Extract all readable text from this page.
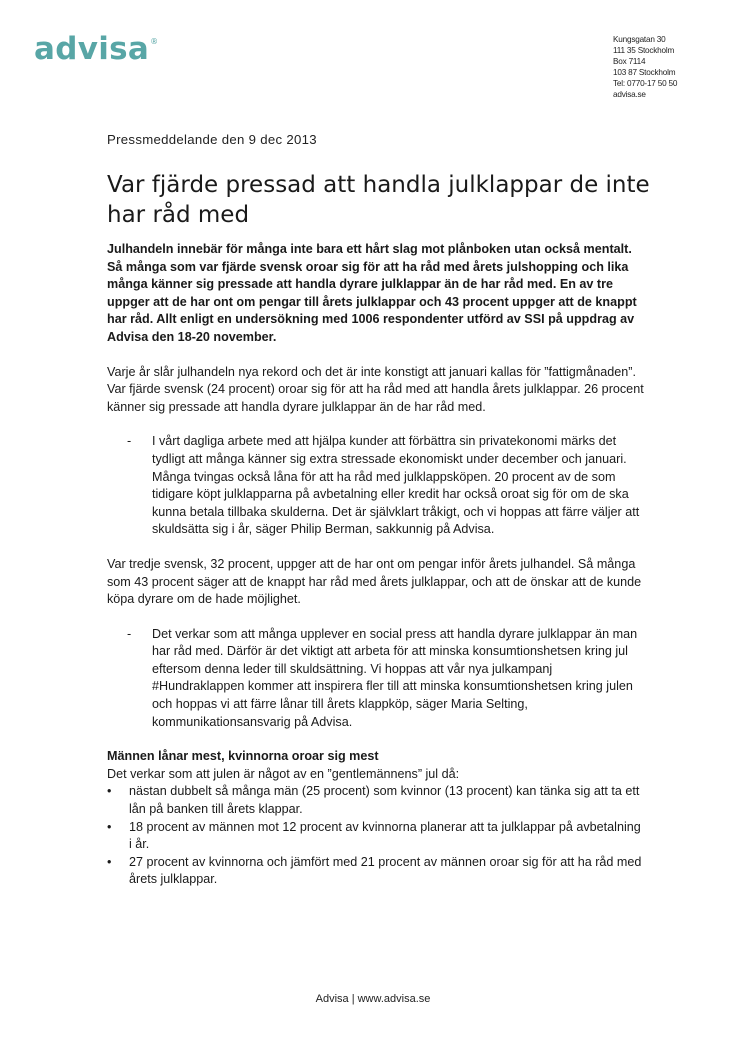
advisa®	Kungsgatan 30
111 35 Stockholm
Box 7114
103 87 Stockholm
Tel: 0770-17 50 50
advisa.se
Pressmeddelande den 9 dec 2013
Var fjärde pressad att handla julklappar de inte har råd med

Julhandeln innebär för många inte bara ett hårt slag mot plånboken utan också mentalt. Så många som var fjärde svensk oroar sig för att ha råd med årets julshopping och lika många känner sig pressade att handla dyrare julklappar än de har råd med. En av tre uppger att de har ont om pengar till årets julklappar och 43 procent uppger att de knappt har råd. Allt enligt en undersökning med 1006 respondenter utförd av SSI på uppdrag av Advisa den 18-20 november.

Varje år slår julhandeln nya rekord och det är inte konstigt att januari kallas för ”fattigmånaden”. Var fjärde svensk (24 procent) oroar sig för att ha råd med att handla årets julklappar. 26 procent känner sig pressade att handla dyrare julklappar än de har råd med.

- I vårt dagliga arbete med att hjälpa kunder att förbättra sin privatekonomi märks det tydligt att många känner sig extra stressade ekonomiskt under december och januari. Många tvingas också låna för att ha råd med julklappsköpen. 20 procent av de som tidigare köpt julklapparna på avbetalning eller kredit har också oroat sig för om de ska kunna betala tillbaka skulderna. Det är självklart tråkigt, och vi hoppas att färre väljer att skuldsätta sig i år, säger Philip Berman, sakkunnig på Advisa.

Var tredje svensk, 32 procent, uppger att de har ont om pengar inför årets julhandel. Så många som 43 procent säger att de knappt har råd med årets julklappar, och att de önskar att de kunde köpa dyrare om de hade möjlighet.

- Det verkar som att många upplever en social press att handla dyrare julklappar än man har råd med. Därför är det viktigt att arbeta för att minska konsumtionshetsen kring jul eftersom denna leder till skuldsättning. Vi hoppas att vår nya julkampanj #Hundraklappen kommer att inspirera fler till att minska konsumtionshetsen kring julen och hoppas vi att färre lånar till årets klappköp, säger Maria Selting, kommunikationsansvarig på Advisa.

Männen lånar mest, kvinnorna oroar sig mest

Det verkar som att julen är något av en ”gentlemännens” jul då:

• nästan dubbelt så många män (25 procent) som kvinnor (13 procent) kan tänka sig att ta ett lån på banken till årets klappar.
• 18 procent av männen mot 12 procent av kvinnorna planerar att ta julklappar på avbetalning i år.
• 27 procent av kvinnorna och jämfört med 21 procent av männen oroar sig för att ha råd med årets julklappar.
Advisa | www.advisa.se
